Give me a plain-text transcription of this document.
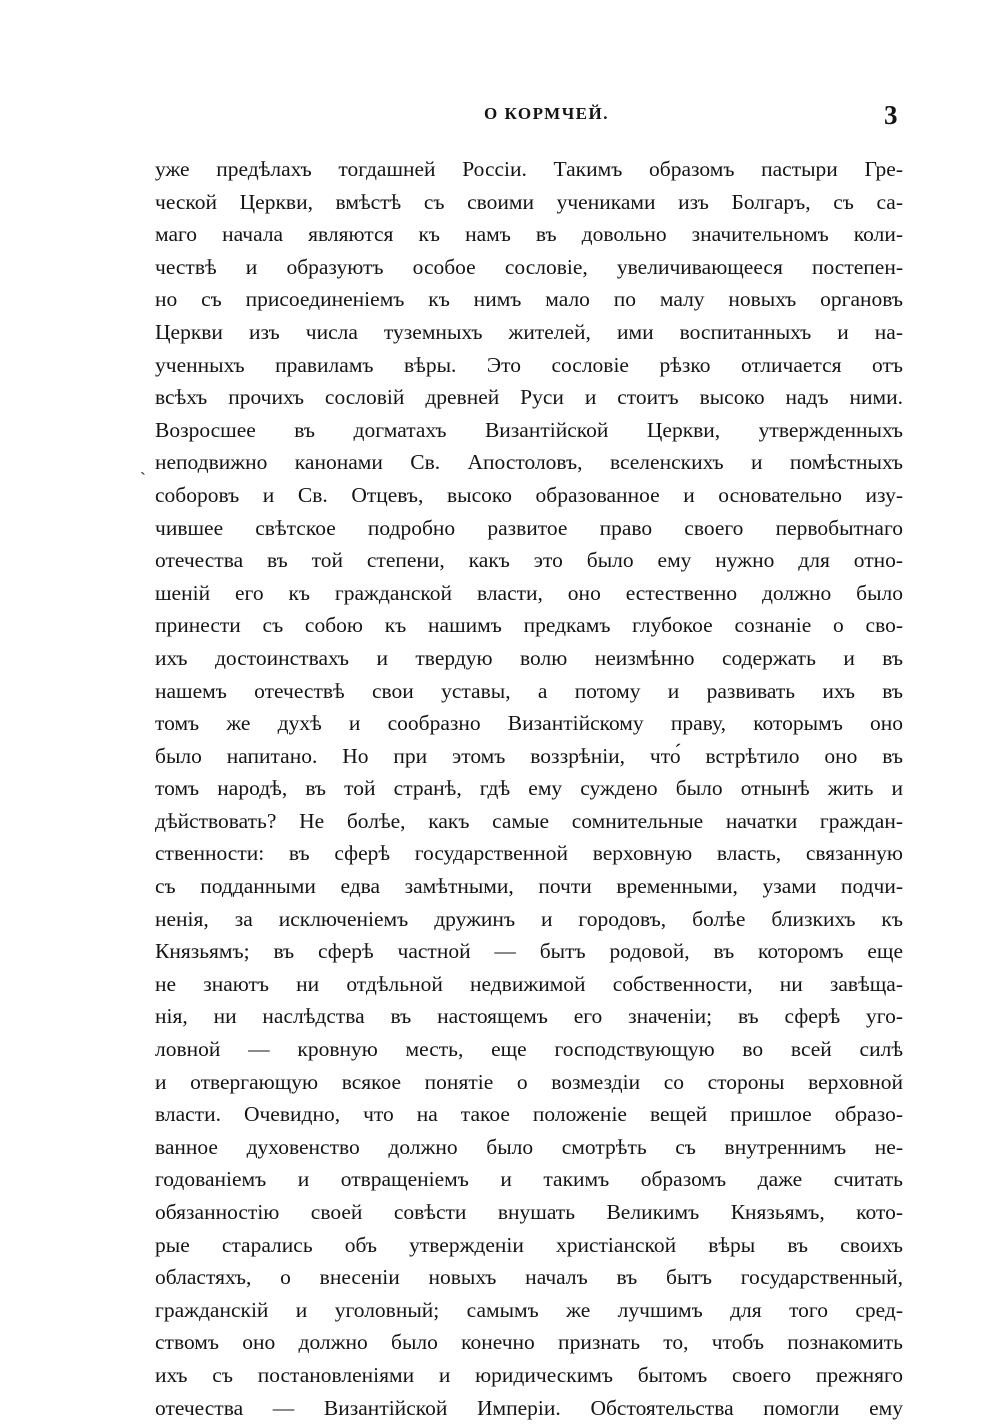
О КОРМЧЕЙ.	3
ˎ
уже предѣлахъ тогдашней Россіи. Такимъ образомъ пастыри Гре-
ческой Церкви, вмѣстѣ съ своими учениками изъ Болгаръ, съ са-
маго начала являются къ намъ въ довольно значительномъ коли-
чествѣ и образуютъ особое сословіе, увеличивающееся постепен-
но съ присоединеніемъ къ нимъ мало по малу новыхъ органовъ
Церкви изъ числа туземныхъ жителей, ими воспитанныхъ и на-
ученныхъ правиламъ вѣры. Это сословіе рѣзко отличается отъ
всѣхъ прочихъ сословій древней Руси и стоитъ высоко надъ ними.
Возросшее въ догматахъ Византійской Церкви, утвержденныхъ
неподвижно канонами Св. Апостоловъ, вселенскихъ и помѣстныхъ
соборовъ и Св. Отцевъ, высоко образованное и основательно изу-
чившее свѣтское подробно развитое право своего первобытнаго
отечества въ той степени, какъ это было ему нужно для отно-
шеній его къ гражданской власти, оно естественно должно было
принести съ собою къ нашимъ предкамъ глубокое сознаніе о сво-
ихъ достоинствахъ и твердую волю неизмѣнно содержать и въ
нашемъ отечествѣ свои уставы, а потому и развивать ихъ въ
томъ же духѣ и сообразно Византійскому праву, которымъ оно
было напитано. Но при этомъ воззрѣніи, что́ встрѣтило оно въ
томъ народѣ, въ той странѣ, гдѣ ему суждено было отнынѣ жить и
дѣйствовать? Не болѣе, какъ самые сомнительные начатки граждан-
ственности: въ сферѣ государственной верховную власть, связанную
съ подданными едва замѣтными, почти временными, узами подчи-
ненія, за исключеніемъ дружинъ и городовъ, болѣе близкихъ къ
Князьямъ; въ сферѣ частной — бытъ родовой, въ которомъ еще
не знаютъ ни отдѣльной недвижимой собственности, ни завѣща-
нія, ни наслѣдства въ настоящемъ его значеніи; въ сферѣ уго-
ловной — кровную месть, еще господствующую во всей силѣ
и отвергающую всякое понятіе о возмездіи со стороны верховной
власти. Очевидно, что на такое положеніе вещей пришлое образо-
ванное духовенство должно было смотрѣть съ внутреннимъ не-
годованіемъ и отвращеніемъ и такимъ образомъ даже считать
обязанностію своей совѣсти внушать Великимъ Князьямъ, кото-
рые старались объ утвержденіи христіанской вѣры въ своихъ
областяхъ, о внесеніи новыхъ началъ въ бытъ государственный,
гражданскій и уголовный; самымъ же лучшимъ для того сред-
ствомъ оно должно было конечно признать то, чтобъ познакомить
ихъ съ постановленіями и юридическимъ бытомъ своего прежняго
отечества — Византійской Имперіи. Обстоятельства помогли ему
